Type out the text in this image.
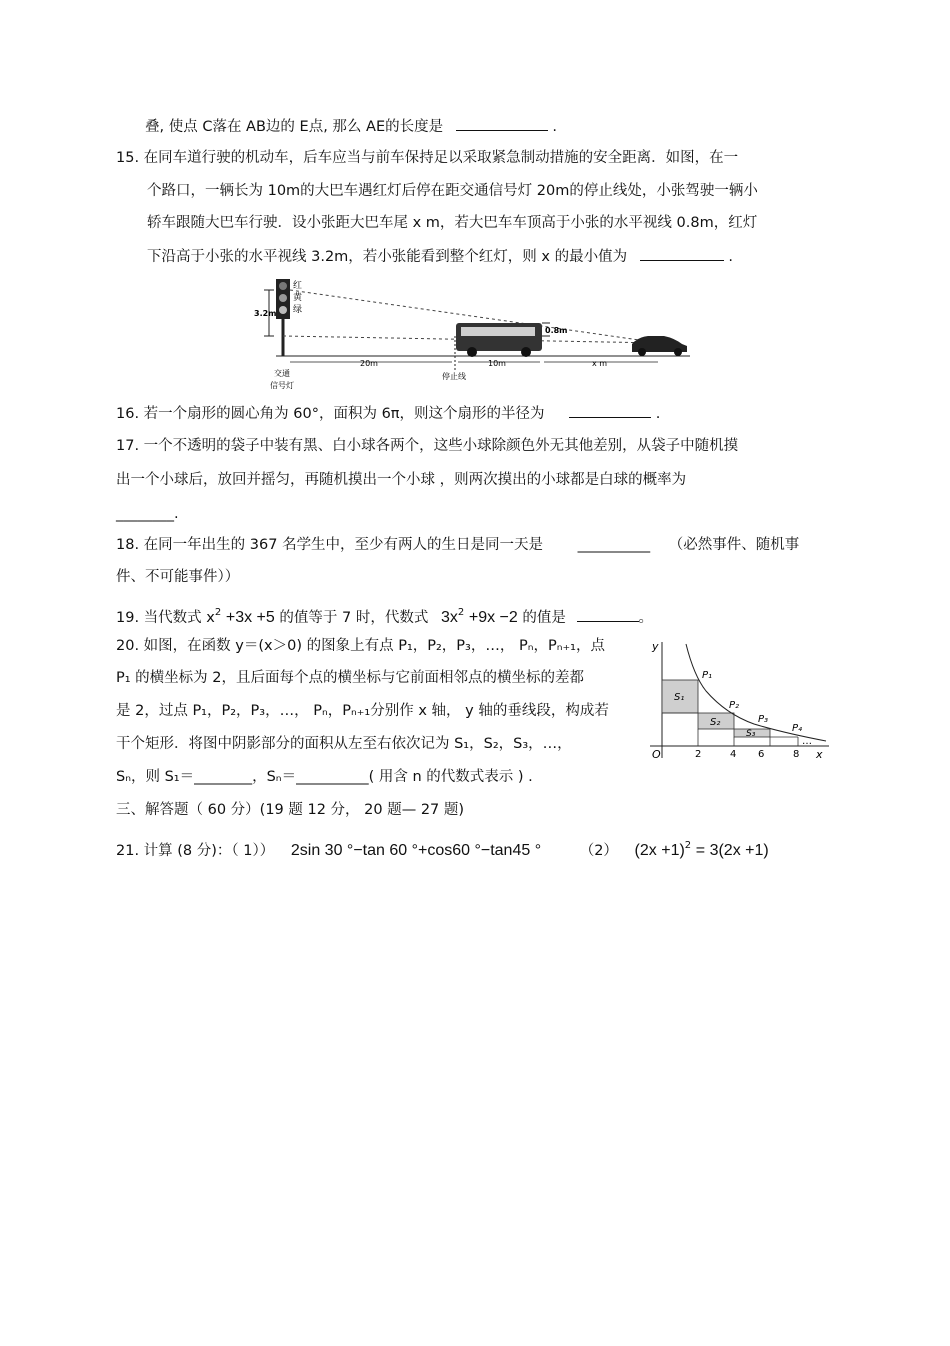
叠, 使点 C落在 AB边的 E点, 那么 AE的长度是	.
15. 在同车道行驶的机动车，后车应当与前车保持足以采取紧急制动措施的安全距离．如图，在一
个路口，一辆长为 10m的大巴车遇红灯后停在距交通信号灯 20m的停止线处，小张驾驶一辆小
轿车跟随大巴车行驶．设小张距大巴车尾 x m，若大巴车车顶高于小张的水平视线 0.8m，红灯
下沿高于小张的水平视线 3.2m，若小张能看到整个红灯，则 x 的最小值为	.
红
黄
绿
3.2m
0.8m
20m	10m	x m
交通
信号灯
停止线
16. 若一个扇形的圆心角为 60°，面积为 6π，则这个扇形的半径为	.
17. 一个不透明的袋子中装有黑、白小球各两个，这些小球除颜色外无其他差别，从袋子中随机摸
出一个小球后，放回并摇匀，再随机摸出一个小球 ，则两次摸出的小球都是白球的概率为
________.
18. 在同一年出生的 367 名学生中，至少有两人的生日是同一天是 __________ （必然事件、随机事
件、不可能事件））
19. 当代数式 $x^2 +3x +5$ 的值等于 7 时，代数式 $3x^2 +9x -2$ 的值是	。
20. 如图，在函数 y＝(x＞0) 的图象上有点 P₁，P₂，P₃，…， Pₙ，Pₙ₊₁，点
P₁ 的横坐标为 2，且后面每个点的横坐标与它前面相邻点的横坐标的差都
是 2，过点 P₁，P₂，P₃，…， Pₙ，Pₙ₊₁分别作 x 轴， y 轴的垂线段，构成若
干个矩形．将图中阴影部分的面积从左至右依次记为 S₁，S₂，S₃，…，
Sₙ，则 S₁＝________，Sₙ＝__________( 用含 n 的代数式表示 ) .
y
x
O
P₁
P₂
P₃
P₄
S₁
S₂
S₃
…
2	4 6	8
三、解答题（ 60 分）(19 题 12 分， 20 题— 27 题)
21. 计算 (8 分)：（ 1）） 2sin 30 °−tan 60 °+cos60 °−tan45 °	（2） $(2x +1)^2 = 3(2x +1)$
